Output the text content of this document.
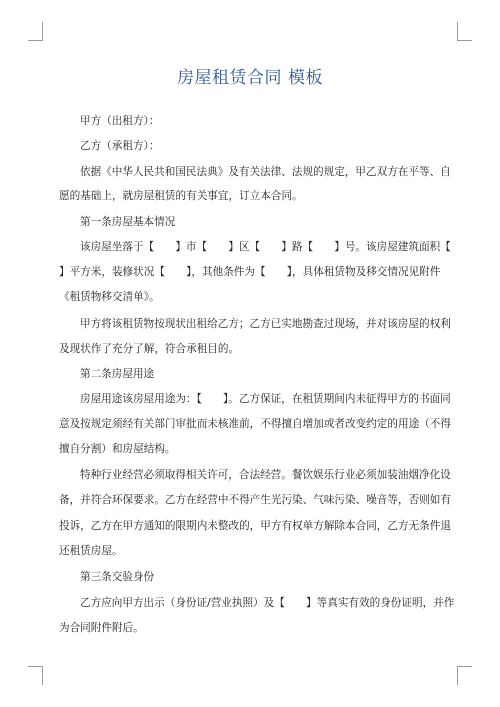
房屋租赁合同 模板
甲方（出租方）：
乙方（承租方）：
依据《中华人民共和国民法典》及有关法律、法规的规定，甲乙双方在平等、自
愿的基础上，就房屋租赁的有关事宜，订立本合同。
第一条房屋基本情况
该房屋坐落于【　　】市【　　】区【　　】路【　　】号。该房屋建筑面积【
】平方米，装修状况【　　】，其他条件为【　　】，具体租赁物及移交情况见附件
《租赁物移交清单》。
甲方将该租赁物按现状出租给乙方；乙方已实地勘查过现场，并对该房屋的权利
及现状作了充分了解，符合承租目的。
第二条房屋用途
房屋用途该房屋用途为：【　　】。乙方保证，在租赁期间内未征得甲方的书面同
意及按规定须经有关部门审批而未核准前，不得擅自增加或者改变约定的用途（不得
擅自分割）和房屋结构。
特种行业经营必须取得相关许可，合法经营。餐饮娱乐行业必须加装油烟净化设
备，并符合环保要求。乙方在经营中不得产生光污染、气味污染、噪音等，否则如有
投诉，乙方在甲方通知的限期内未整改的，甲方有权单方解除本合同，乙方无条件退
还租赁房屋。
第三条交验身份
乙方应向甲方出示（身份证/营业执照）及【　　】等真实有效的身份证明，并作
为合同附件附后。
